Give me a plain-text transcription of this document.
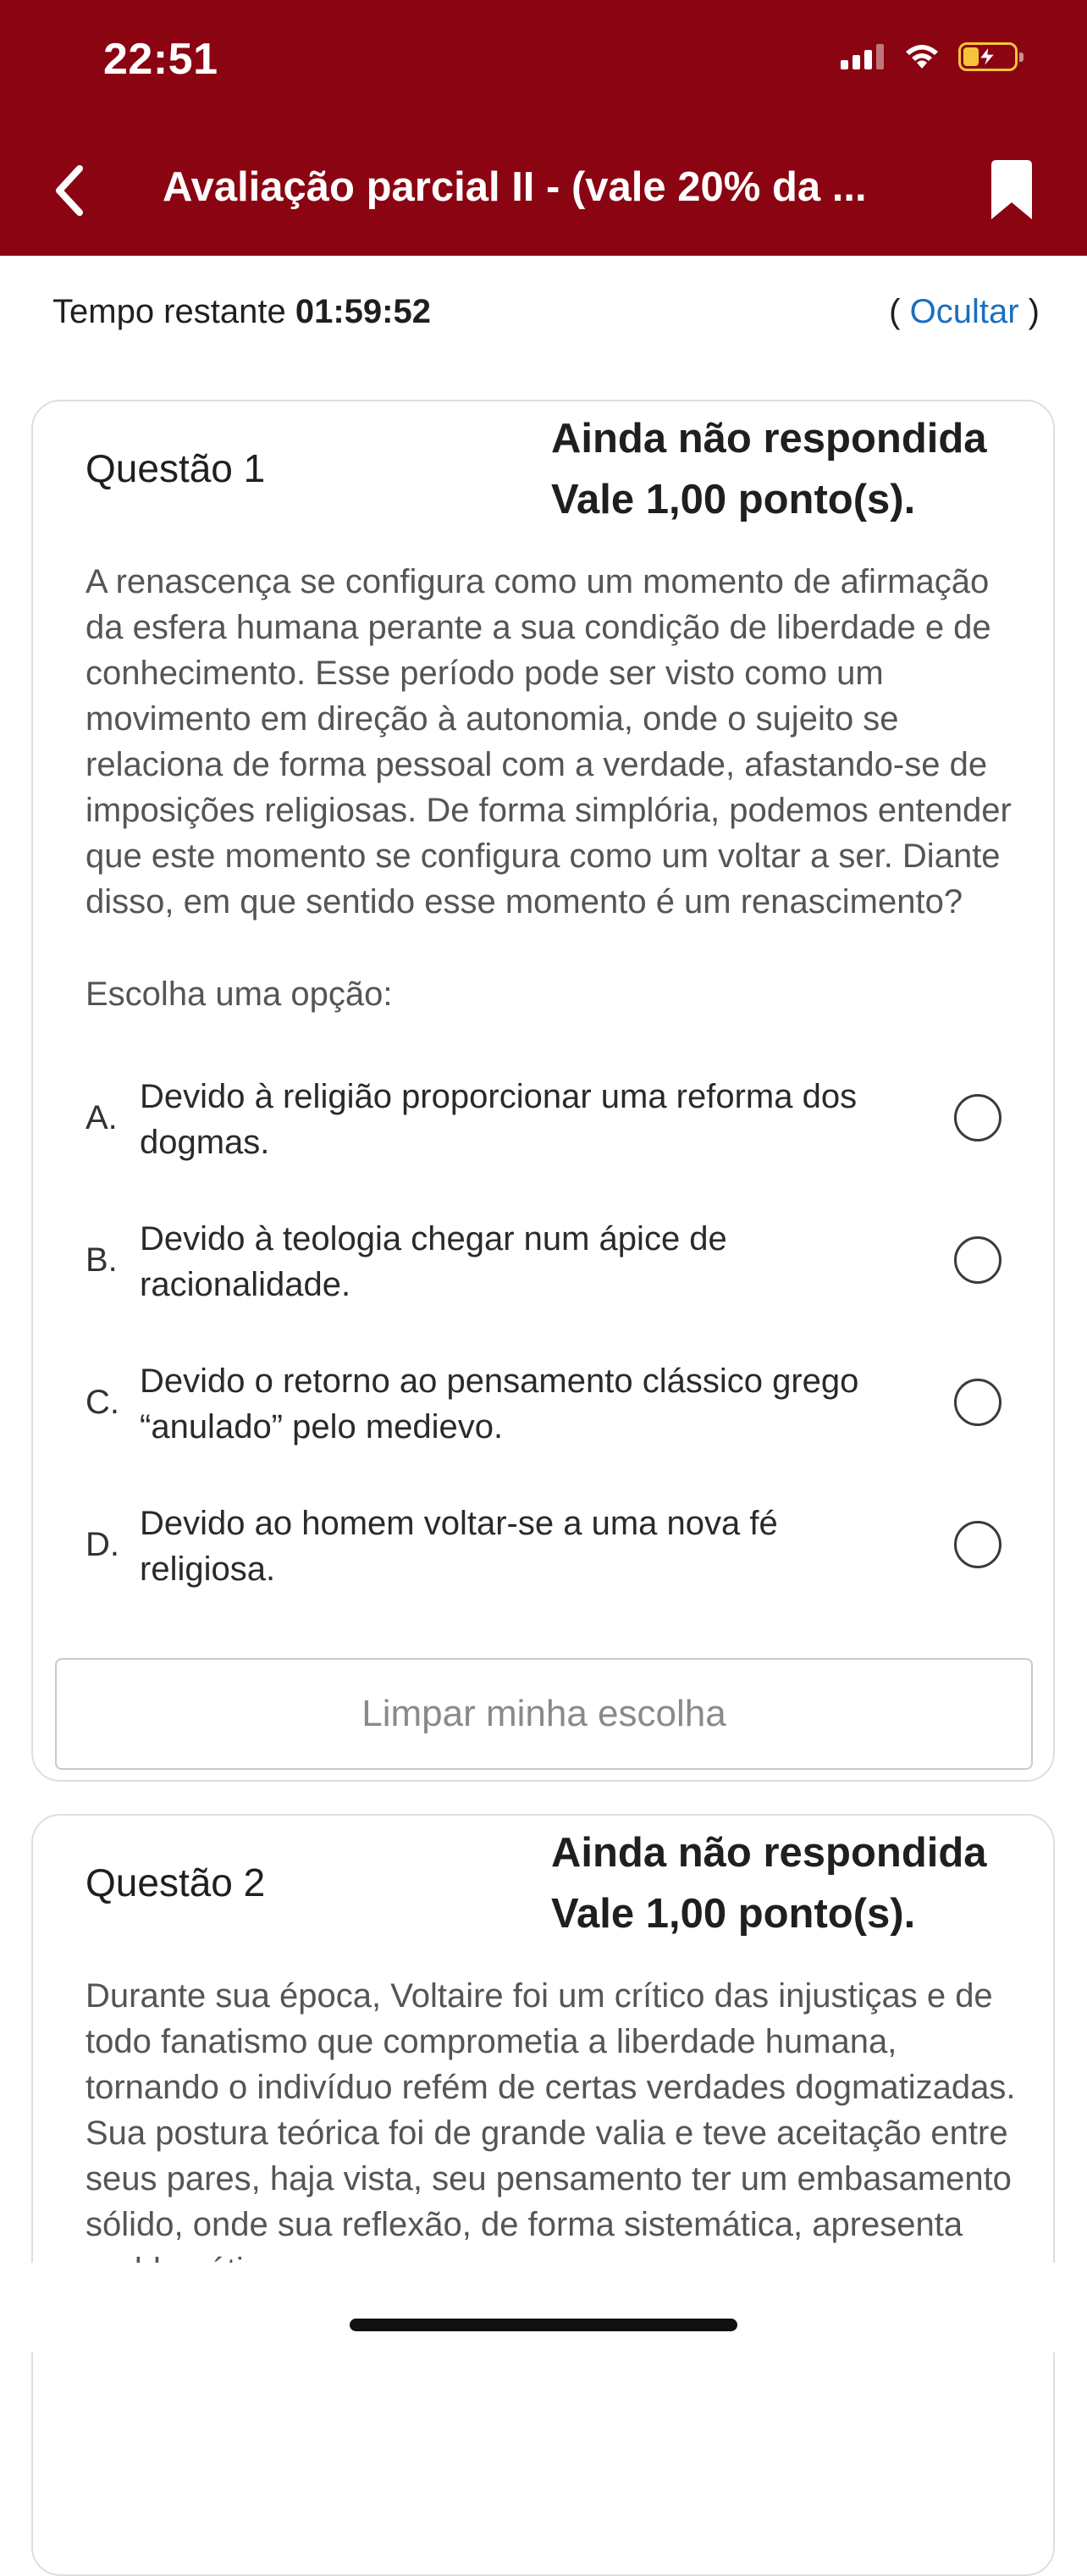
22:51
Avaliação parcial II - (vale 20% da ...
Tempo restante 01:59:52	( Ocultar )
Questão 1
Ainda não respondida
Vale 1,00 ponto(s).
A renascença se configura como um momento de afirmação da esfera humana perante a sua condição de liberdade e de conhecimento. Esse período pode ser visto como um movimento em direção à autonomia, onde o sujeito se relaciona de forma pessoal com a verdade, afastando-se de imposições religiosas. De forma simplória, podemos entender que este momento se configura como um voltar a ser. Diante disso, em que sentido esse momento é um renascimento?
Escolha uma opção:
A.
Devido à religião proporcionar uma reforma dos dogmas.
B.
Devido à teologia chegar num ápice de racionalidade.
C.
Devido o retorno ao pensamento clássico grego “anulado” pelo medievo.
D.
Devido ao homem voltar-se a uma nova fé religiosa.
Limpar minha escolha
Questão 2
Ainda não respondida
Vale 1,00 ponto(s).
Durante sua época, Voltaire foi um crítico das injustiças e de todo fanatismo que comprometia a liberdade humana, tornando o indivíduo refém de certas verdades dogmatizadas. Sua postura teórica foi de grande valia e teve aceitação entre seus pares, haja vista, seu pensamento ter um embasamento sólido, onde sua reflexão, de forma sistemática, apresenta
